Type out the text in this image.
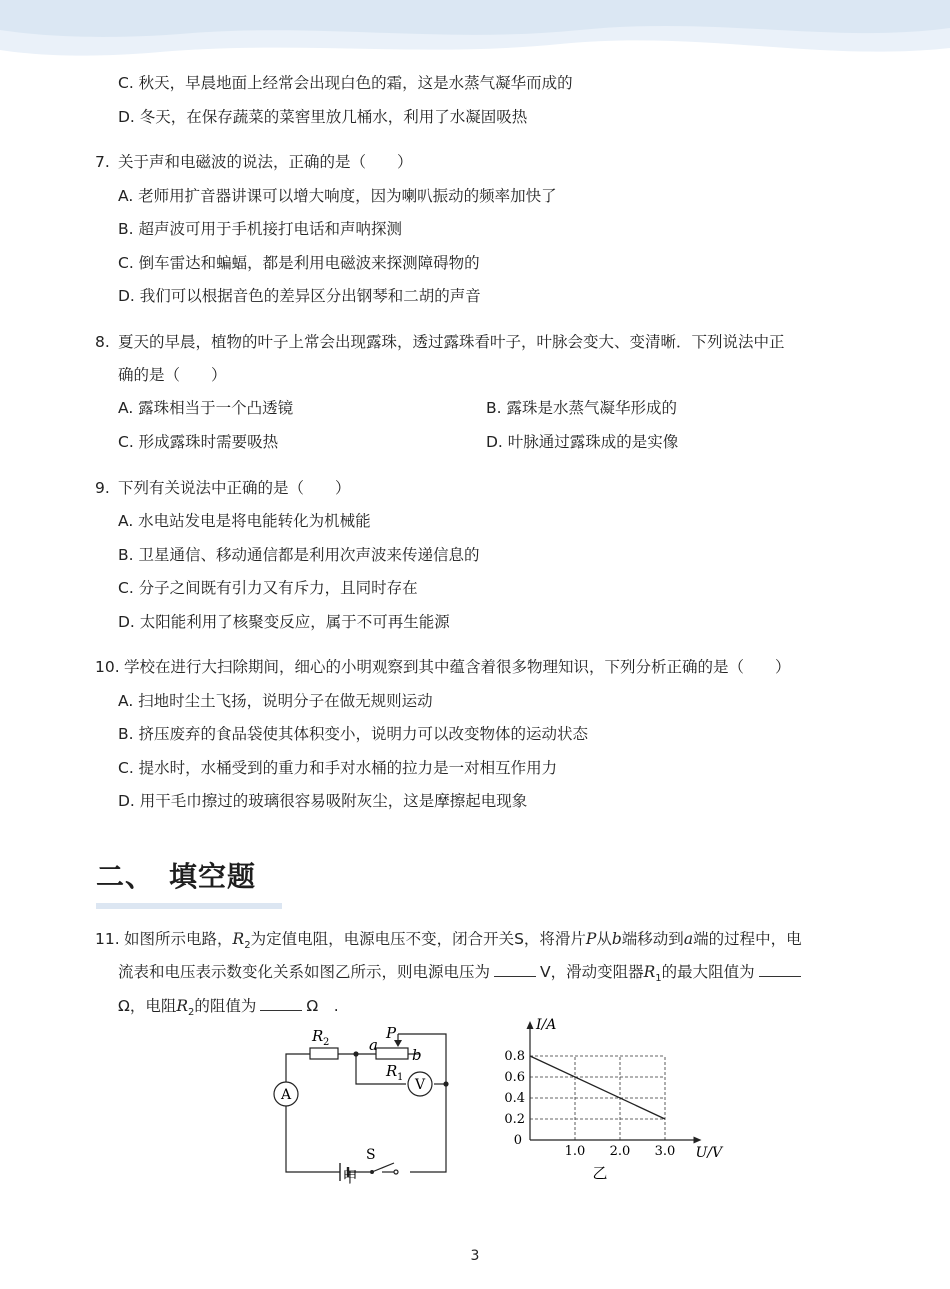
C. 秋天，早晨地面上经常会出现白色的霜，这是水蒸气凝华而成的
D. 冬天，在保存蔬菜的菜窖里放几桶水，利用了水凝固吸热
7. 关于声和电磁波的说法，正确的是（　　）
A. 老师用扩音器讲课可以增大响度，因为喇叭振动的频率加快了
B. 超声波可用于手机接打电话和声呐探测
C. 倒车雷达和蝙蝠，都是利用电磁波来探测障碍物的
D. 我们可以根据音色的差异区分出钢琴和二胡的声音
8. 夏天的早晨，植物的叶子上常会出现露珠，透过露珠看叶子，叶脉会变大、变清晰．下列说法中正
确的是（　　）
A. 露珠相当于一个凸透镜	B. 露珠是水蒸气凝华形成的
C. 形成露珠时需要吸热	D. 叶脉通过露珠成的是实像
9. 下列有关说法中正确的是（　　）
A. 水电站发电是将电能转化为机械能
B. 卫星通信、移动通信都是利用次声波来传递信息的
C. 分子之间既有引力又有斥力，且同时存在
D. 太阳能利用了核聚变反应，属于不可再生能源
10. 学校在进行大扫除期间，细心的小明观察到其中蕴含着很多物理知识，下列分析正确的是（　　）
A. 扫地时尘土飞扬，说明分子在做无规则运动
B. 挤压废弃的食品袋使其体积变小，说明力可以改变物体的运动状态
C. 提水时，水桶受到的重力和手对水桶的拉力是一对相互作用力
D. 用干毛巾擦过的玻璃很容易吸附灰尘，这是摩擦起电现象
二、　填空题
11. 如图所示电路，$R_2$为定值电阻，电源电压不变，闭合开关S，将滑片P从b端移动到a端的过程中，电
流表和电压表示数变化关系如图乙所示，则电源电压为	V，滑动变阻器$R_1$的最大阻值为
Ω，电阻$R_2$的阻值为	Ω　.
A
V
R 2
R 1
P
a
b
S
甲
1.0 2.0 3.0
0.8
0.6
0.4
0.2
0
I/A
U/V
乙
3
